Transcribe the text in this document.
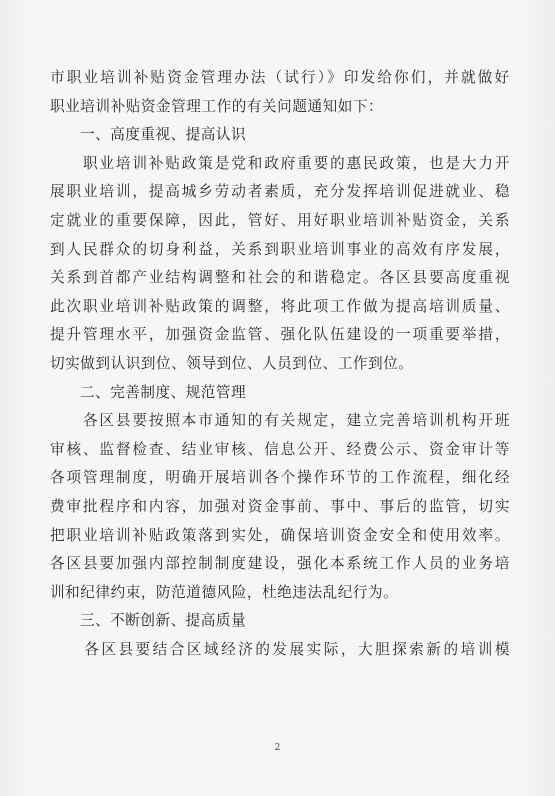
市职业培训补贴资金管理办法（试行）》印发给你们，并就做好
职业培训补贴资金管理工作的有关问题通知如下：
一、高度重视、提高认识
　　职业培训补贴政策是党和政府重要的惠民政策，也是大力开
展职业培训，提高城乡劳动者素质，充分发挥培训促进就业、稳
定就业的重要保障，因此，管好、用好职业培训补贴资金，关系
到人民群众的切身利益，关系到职业培训事业的高效有序发展，
关系到首都产业结构调整和社会的和谐稳定。各区县要高度重视
此次职业培训补贴政策的调整，将此项工作做为提高培训质量、
提升管理水平，加强资金监管、强化队伍建设的一项重要举措，
切实做到认识到位、领导到位、人员到位、工作到位。
二、完善制度、规范管理
　　各区县要按照本市通知的有关规定，建立完善培训机构开班
审核、监督检查、结业审核、信息公开、经费公示、资金审计等
各项管理制度，明确开展培训各个操作环节的工作流程，细化经
费审批程序和内容，加强对资金事前、事中、事后的监管，切实
把职业培训补贴政策落到实处，确保培训资金安全和使用效率。
各区县要加强内部控制制度建设，强化本系统工作人员的业务培
训和纪律约束，防范道德风险，杜绝违法乱纪行为。
三、不断创新、提高质量
　　各区县要结合区域经济的发展实际，大胆探索新的培训模
2
